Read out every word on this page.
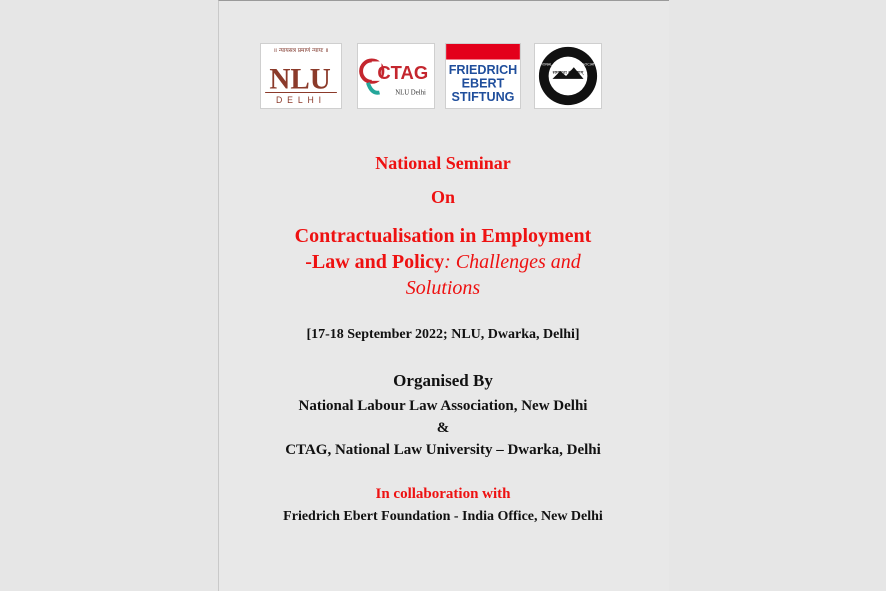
॥ न्यायसत्र प्रमाणं न्यायः ॥
NLU
DELHI
CTAG
NLU Delhi
FRIEDRICH
EBERT
STIFTUNG
NATIONAL LABOUR LAW ASSOCIATION
समानता संरक्षणम्
National Seminar
On
Contractualisation in Employment
-Law and Policy: Challenges and
Solutions
[17-18 September 2022; NLU, Dwarka, Delhi]
Organised By
National Labour Law Association, New Delhi
&
CTAG, National Law University – Dwarka, Delhi
In collaboration with
Friedrich Ebert Foundation - India Office, New Delhi
